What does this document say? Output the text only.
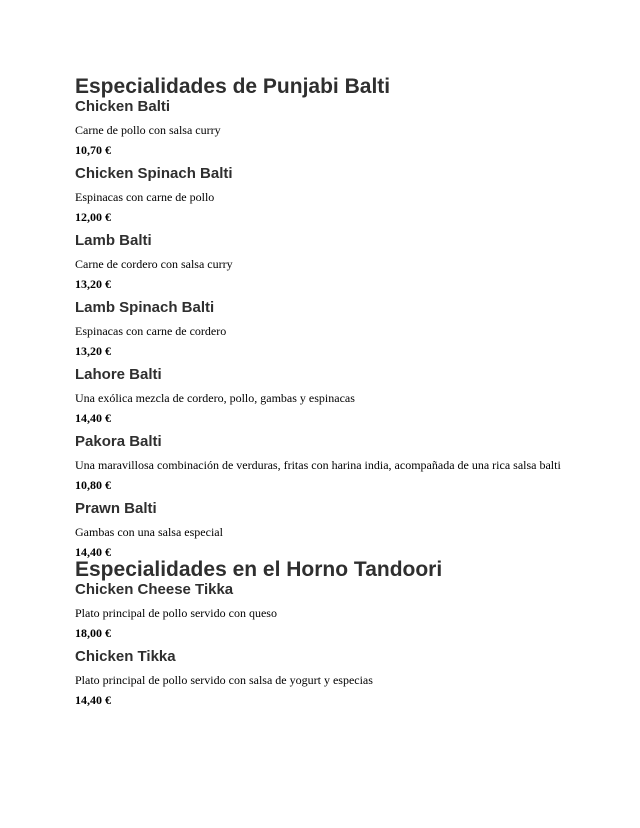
Especialidades de Punjabi Balti
Chicken Balti

Carne de pollo con salsa curry

10,70 €

Chicken Spinach Balti

Espinacas con carne de pollo

12,00 €

Lamb Balti

Carne de cordero con salsa curry

13,20 €

Lamb Spinach Balti

Espinacas con carne de cordero

13,20 €

Lahore Balti

Una exólica mezcla de cordero, pollo, gambas y espinacas

14,40 €

Pakora Balti

Una maravillosa combinación de verduras, fritas con harina india, acompañada de una rica salsa balti

10,80 €

Prawn Balti

Gambas con una salsa especial

14,40 €

Especialidades en el Horno Tandoori
Chicken Cheese Tikka

Plato principal de pollo servido con queso

18,00 €

Chicken Tikka

Plato principal de pollo servido con salsa de yogurt y especias

14,40 €
